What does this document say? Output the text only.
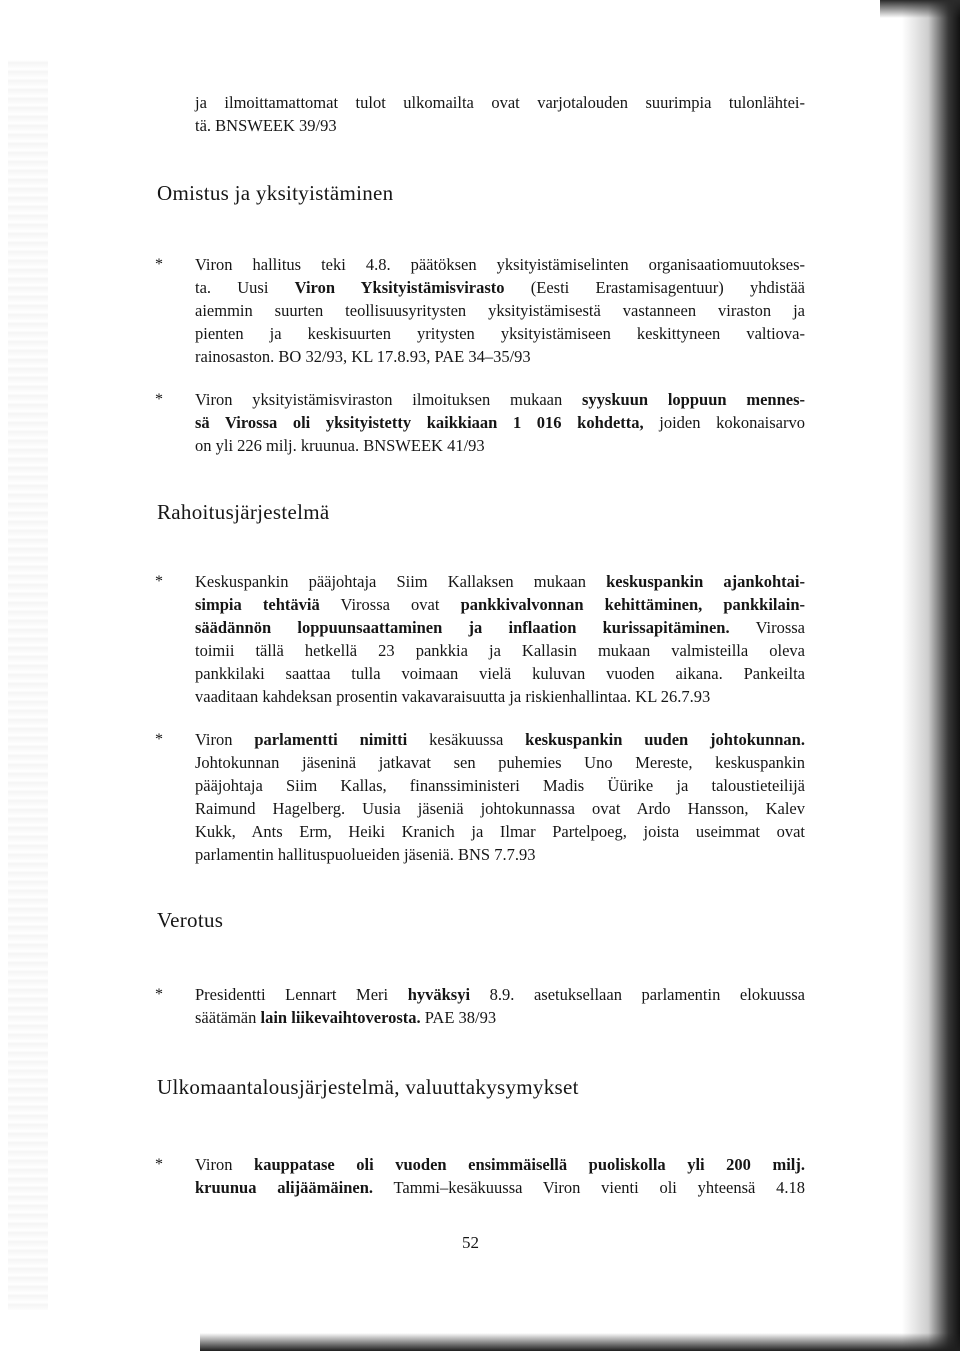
ja ilmoittamattomat tulot ulkomailta ovat varjotalouden suurimpia tulonlähtei-
tä. BNSWEEK 39/93
Omistus ja yksityistäminen
* Viron hallitus teki 4.8. päätöksen yksityistämiselinten organisaatiomuutokses-
ta. Uusi Viron Yksityistämisvirasto (Eesti Erastamisagentuur) yhdistää
aiemmin suurten teollisuusyritysten yksityistämisestä vastanneen viraston ja
pienten ja keskisuurten yritysten yksityistämiseen keskittyneen valtiova-
rainosaston. BO 32/93, KL 17.8.93, PAE 34–35/93
* Viron yksityistämisviraston ilmoituksen mukaan syyskuun loppuun mennes-
sä Virossa oli yksityistetty kaikkiaan 1 016 kohdetta, joiden kokonaisarvo
on yli 226 milj. kruunua. BNSWEEK 41/93
Rahoitusjärjestelmä
* Keskuspankin pääjohtaja Siim Kallaksen mukaan keskuspankin ajankohtai-
simpia tehtäviä Virossa ovat pankkivalvonnan kehittäminen, pankkilain-
säädännön loppuunsaattaminen ja inflaation kurissapitäminen. Virossa
toimii tällä hetkellä 23 pankkia ja Kallasin mukaan valmisteilla oleva
pankkilaki saattaa tulla voimaan vielä kuluvan vuoden aikana. Pankeilta
vaaditaan kahdeksan prosentin vakavaraisuutta ja riskienhallintaa. KL 26.7.93
* Viron parlamentti nimitti kesäkuussa keskuspankin uuden johtokunnan.
Johtokunnan jäseninä jatkavat sen puhemies Uno Mereste, keskuspankin
pääjohtaja Siim Kallas, finanssiministeri Madis Üürike ja taloustieteilijä
Raimund Hagelberg. Uusia jäseniä johtokunnassa ovat Ardo Hansson, Kalev
Kukk, Ants Erm, Heiki Kranich ja Ilmar Partelpoeg, joista useimmat ovat
parlamentin hallituspuolueiden jäseniä. BNS 7.7.93
Verotus
* Presidentti Lennart Meri hyväksyi 8.9. asetuksellaan parlamentin elokuussa
säätämän lain liikevaihtoverosta. PAE 38/93
Ulkomaantalousjärjestelmä, valuuttakysymykset
* Viron kauppatase oli vuoden ensimmäisellä puoliskolla yli 200 milj.
kruunua alijäämäinen. Tammi–kesäkuussa Viron vienti oli yhteensä 4.18
52
